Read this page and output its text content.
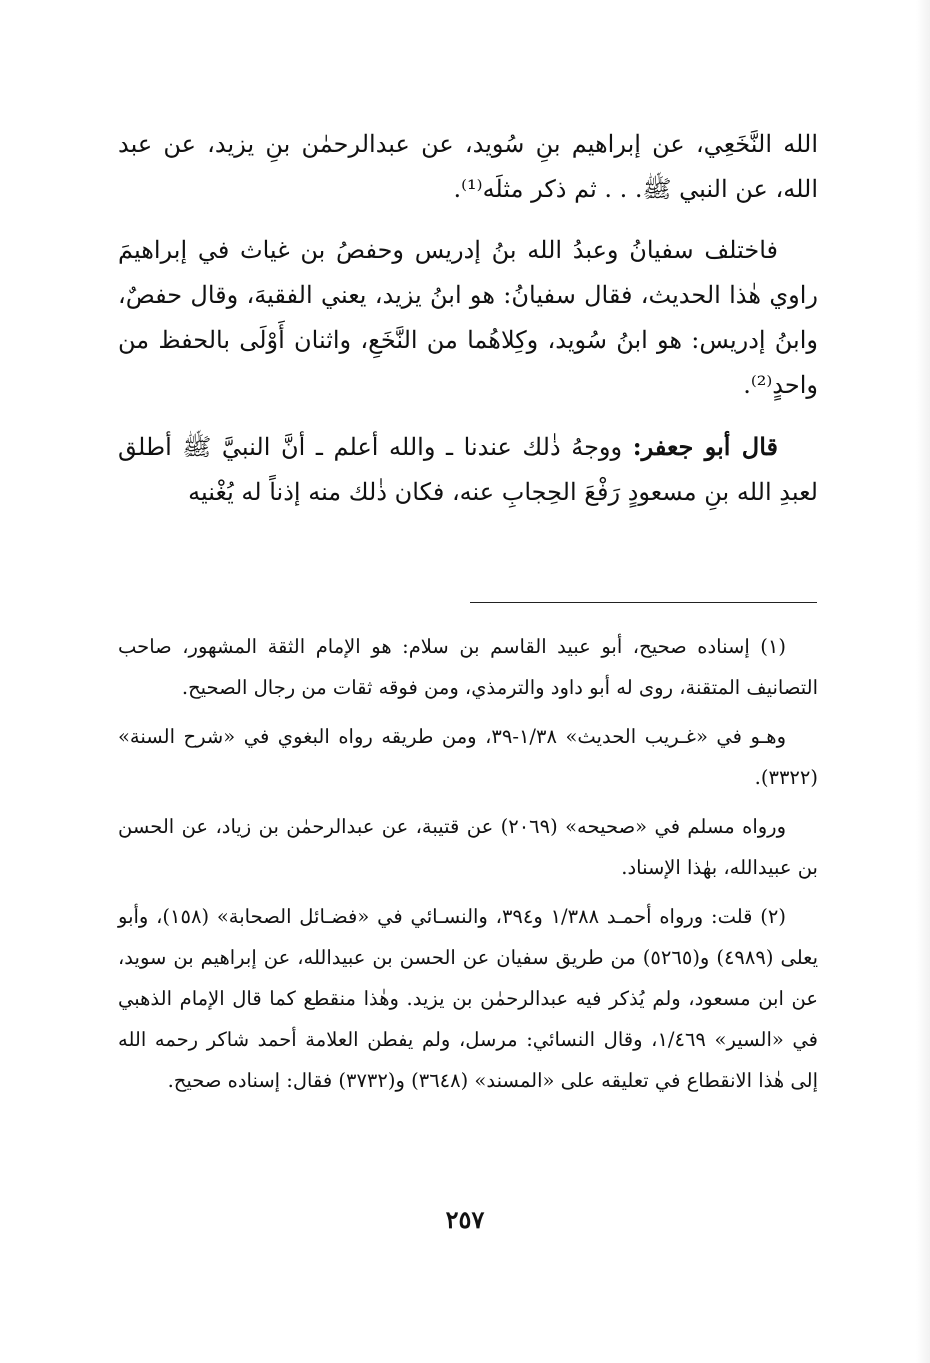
الله النَّخَعِي، عن إبراهيم بنِ سُويد، عن عبدالرحمٰن بنِ يزيد، عن عبد الله، عن النبي ﷺ. . . ثم ذكر مثلَه⁽¹⁾.

فاختلف سفيانُ وعبدُ الله بنُ إدريس وحفصُ بن غياث في إبراهيمَ راوي هٰذا الحديث، فقال سفيانُ: هو ابنُ يزيد، يعني الفقيهَ، وقال حفصٌ، وابنُ إدريس: هو ابنُ سُويد، وكِلاهُما من النَّخَعِ، واثنان أَوْلَى بالحفظ من واحدٍ⁽²⁾.

قال أبو جعفر: ووجهُ ذٰلك عندنا ـ والله أعلم ـ أنَّ النبيَّ ﷺ أطلق لعبدِ الله بنِ مسعودٍ رَفْعَ الحِجابِ عنه، فكان ذٰلك منه إذناً له يُغْنيه

(١) إسناده صحيح، أبو عبيد القاسم بن سلام: هو الإمام الثقة المشهور، صاحب التصانيف المتقنة، روى له أبو داود والترمذي، ومن فوقه ثقات من رجال الصحيح.

وهـو في «غـريب الحديث» ١/٣٨-٣٩، ومن طريقه رواه البغوي في «شرح السنة» (٣٣٢٢).

ورواه مسلم في «صحيحه» (٢٠٦٩) عن قتيبة، عن عبدالرحمٰن بن زياد، عن الحسن بن عبيدالله، بهٰذا الإسناد.

(٢) قلت: ورواه أحمـد ١/٣٨٨ و٣٩٤، والنسـائي في «فضـائل الصحابة» (١٥٨)، وأبو يعلى (٤٩٨٩) و(٥٢٦٥) من طريق سفيان عن الحسن بن عبيدالله، عن إبراهيم بن سويد، عن ابن مسعود، ولم يُذكر فيه عبدالرحمٰن بن يزيد. وهٰذا منقطع كما قال الإمام الذهبي في «السير» ١/٤٦٩، وقال النسائي: مرسل، ولم يفطن العلامة أحمد شاكر رحمه الله إلى هٰذا الانقطاع في تعليقه على «المسند» (٣٦٤٨) و(٣٧٣٢) فقال: إسناده صحيح.

٢٥٧
